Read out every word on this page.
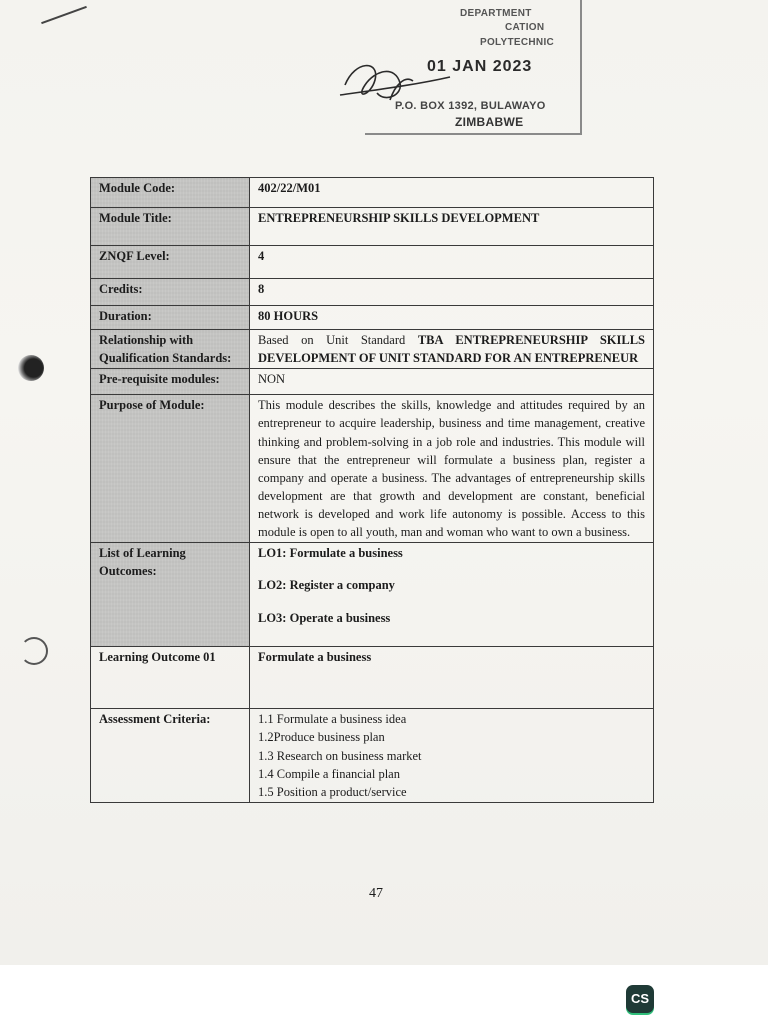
DEPARTMENT
CATION
POLYTECHNIC
01 JAN 2023
P.O. BOX 1392, BULAWAYO
ZIMBABWE
Module Code:	402/22/M01
Module Title:	ENTREPRENEURSHIP SKILLS DEVELOPMENT
ZNQF Level:	4
Credits:	8
Duration:	80 HOURS
Relationship with Qualification Standards:	Based on Unit Standard TBA ENTREPRENEURSHIP SKILLS DEVELOPMENT OF UNIT STANDARD FOR AN ENTREPRENEUR
Pre-requisite modules:	NON
Purpose of Module:	This module describes the skills, knowledge and attitudes required by an entrepreneur to acquire leadership, business and time management, creative thinking and problem-solving in a job role and industries. This module will ensure that the entrepreneur will formulate a business plan, register a company and operate a business. The advantages of entrepreneurship skills development are that growth and development are constant, beneficial network is developed and work life autonomy is possible. Access to this module is open to all youth, man and woman who want to own a business.
List of Learning Outcomes:	LO1: Formulate a business

LO2: Register a company

LO3: Operate a business

Learning Outcome 01	Formulate a business
Assessment Criteria:	1.1 Formulate a business idea

1.2Produce business plan

1.3 Research on business market

1.4 Compile a financial plan

1.5 Position a product/service

47
CS
